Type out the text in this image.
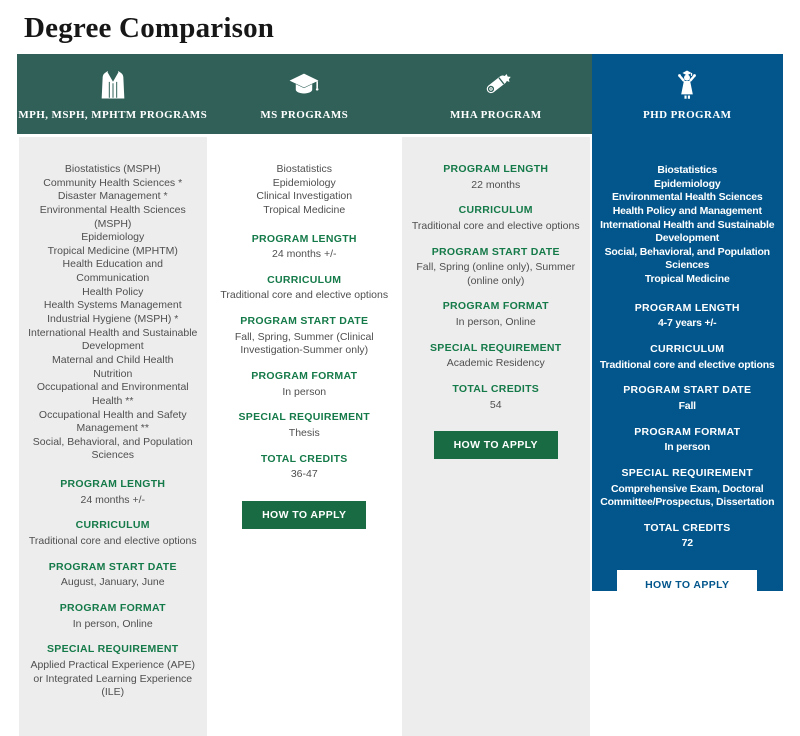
Degree Comparison
MPH, MSPH, MPHTM PROGRAMS

Biostatistics (MSPH)

Community Health Sciences *

Disaster Management *

Environmental Health Sciences (MSPH)

Epidemiology

Tropical Medicine (MPHTM)

Health Education and Communication

Health Policy

Health Systems Management

Industrial Hygiene (MSPH) *

International Health and Sustainable Development

Maternal and Child Health

Nutrition

Occupational and Environmental Health **

Occupational Health and Safety Management **

Social, Behavioral, and Population Sciences

PROGRAM LENGTH

24 months +/-

CURRICULUM

Traditional core and elective options

PROGRAM START DATE

August, January, June

PROGRAM FORMAT

In person, Online

SPECIAL REQUIREMENT

Applied Practical Experience (APE) or Integrated Learning Experience (ILE)

MS PROGRAMS

Biostatistics

Epidemiology

Clinical Investigation

Tropical Medicine

PROGRAM LENGTH

24 months +/-

CURRICULUM

Traditional core and elective options

PROGRAM START DATE

Fall, Spring, Summer (Clinical Investigation-Summer only)

PROGRAM FORMAT

In person

SPECIAL REQUIREMENT

Thesis

TOTAL CREDITS

36-47

HOW TO APPLY
MHA PROGRAM
PROGRAM LENGTH

22 months

CURRICULUM

Traditional core and elective options

PROGRAM START DATE

Fall, Spring (online only), Summer (online only)

PROGRAM FORMAT

In person, Online

SPECIAL REQUIREMENT

Academic Residency

TOTAL CREDITS

54

HOW TO APPLY
PHD PROGRAM

Biostatistics

Epidemiology

Environmental Health Sciences

Health Policy and Management

International Health and Sustainable Development

Social, Behavioral, and Population Sciences

Tropical Medicine

PROGRAM LENGTH

4-7 years +/-

CURRICULUM

Traditional core and elective options

PROGRAM START DATE

Fall

PROGRAM FORMAT

In person

SPECIAL REQUIREMENT

Comprehensive Exam, Doctoral Committee/Prospectus, Dissertation

TOTAL CREDITS

72

HOW TO APPLY
